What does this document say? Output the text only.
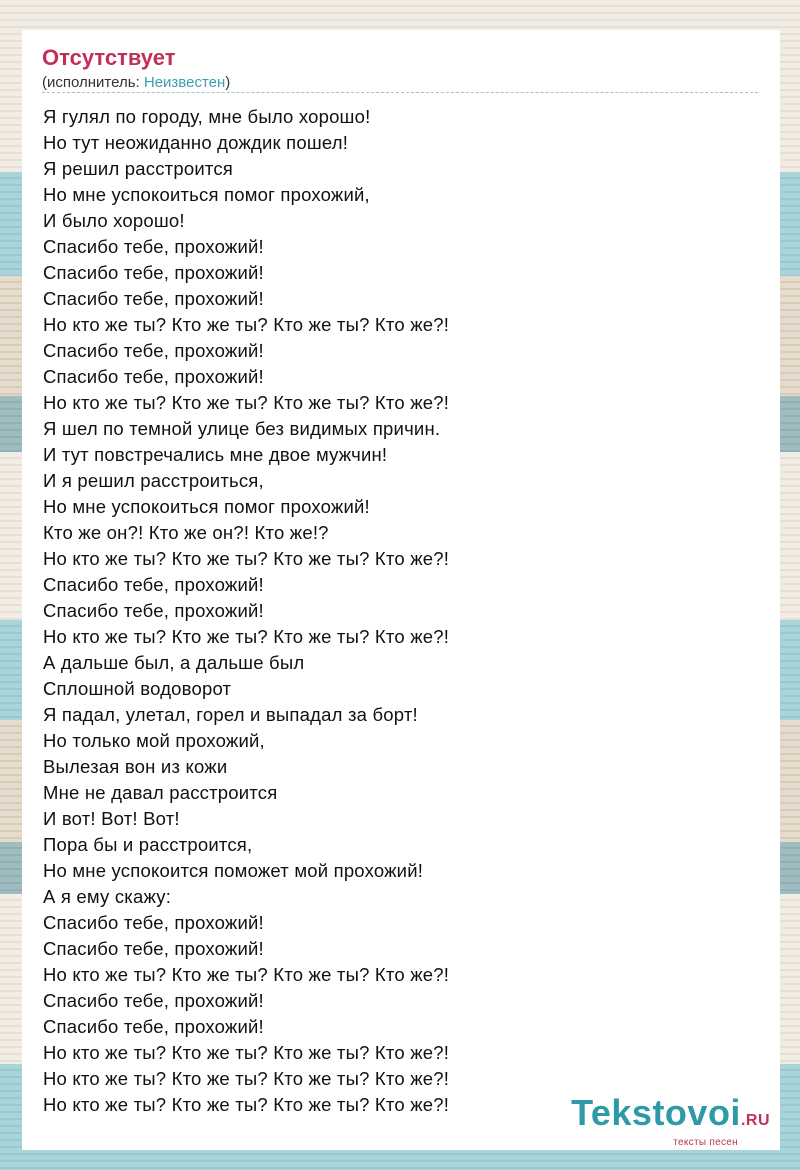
Отсутствует
(исполнитель: Неизвестен)
Я гулял по городу, мне было хорошо!
Но тут неожиданно дождик пошел!
Я решил расстроится
Но мне успокоиться помог прохожий,
И было хорошо!
Спасибо тебе, прохожий!
Спасибо тебе, прохожий!
Спасибо тебе, прохожий!
Но кто же ты? Кто же ты? Кто же ты? Кто же?!
Спасибо тебе, прохожий!
Спасибо тебе, прохожий!
Но кто же ты? Кто же ты? Кто же ты? Кто же?!
Я шел по темной улице без видимых причин.
И тут повстречались мне двое мужчин!
И я решил расстроиться,
Но мне успокоиться помог прохожий!
Кто же он?! Кто же он?! Кто же!?
Но кто же ты? Кто же ты? Кто же ты? Кто же?!
Спасибо тебе, прохожий!
Спасибо тебе, прохожий!
Но кто же ты? Кто же ты? Кто же ты? Кто же?!
А дальше был, а дальше был
Сплошной водоворот
Я падал, улетал, горел и выпадал за борт!
Но только мой прохожий,
Вылезая вон из кожи
Мне не давал расстроится
И вот! Вот! Вот!
Пора бы и расстроится,
Но мне успокоится поможет мой прохожий!
А я ему скажу:
Спасибо тебе, прохожий!
Спасибо тебе, прохожий!
Но кто же ты? Кто же ты? Кто же ты? Кто же?!
Спасибо тебе, прохожий!
Спасибо тебе, прохожий!
Но кто же ты? Кто же ты? Кто же ты? Кто же?!
Но кто же ты? Кто же ты? Кто же ты? Кто же?!
Но кто же ты? Кто же ты? Кто же ты? Кто же?!	Tekstovoi.RU
тексты песен
